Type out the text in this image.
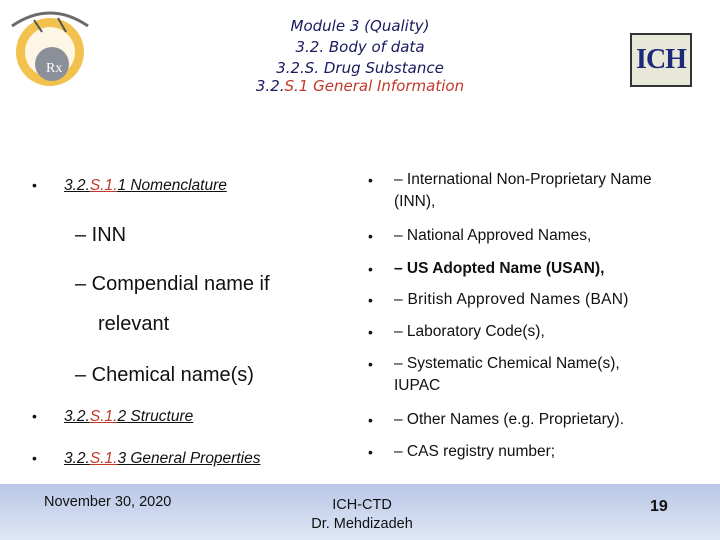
Rx
Module 3 (Quality)
3.2. Body of data
3.2.S. Drug Substance
3.2.S.1 General Information
ICH
• 3.2.S.1.1 Nomenclature
– INN
– Compendial name if
relevant
– Chemical name(s)
• 3.2.S.1.2 Structure
• 3.2.S.1.3 General Properties
• – International Non-Proprietary Name
(INN),
• – National Approved Names,
• – US Adopted Name (USAN),
• – British Approved Names (BAN)
• – Laboratory Code(s),
• – Systematic Chemical Name(s),
IUPAC
• – Other Names (e.g. Proprietary).
• – CAS registry number;
November 30, 2020	ICH-CTD
Dr. Mehdizadeh
19
